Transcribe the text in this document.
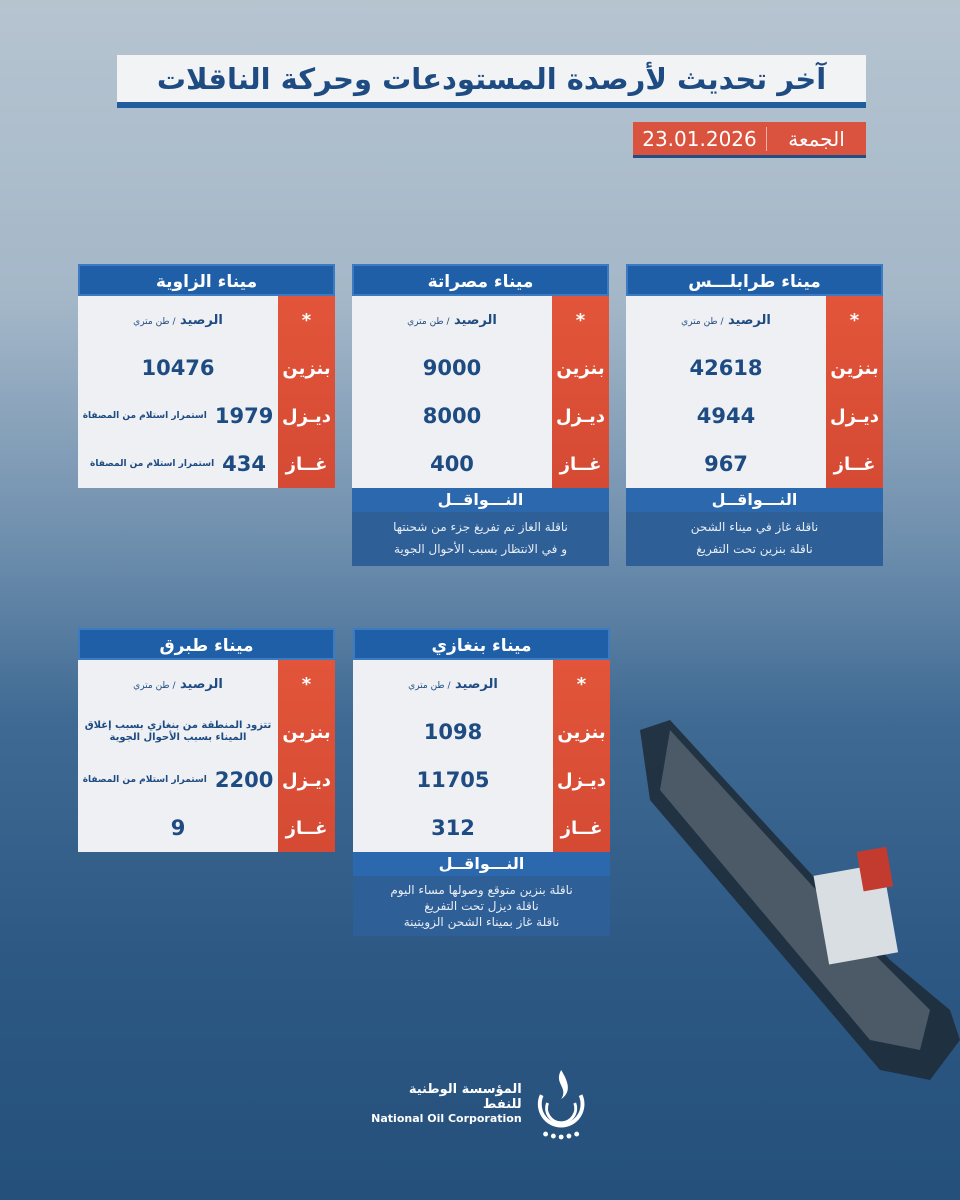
آخر تحديث لأرصدة المستودعات وحركة الناقلات
الجمعة
23.01.2026
ميناء طرابلـــس
*
بنزين
ديـزل
غــاز
الرصيد / طن متري
42618
4944
967
النـــواقــل
ناقلة غاز في ميناء الشحن
ناقلة بنزين تحت التفريغ
ميناء مصراتة
*
بنزين
ديـزل
غــاز
الرصيد / طن متري
9000
8000
400
النـــواقــل
ناقلة الغاز تم تفريغ جزء من شحنتها
و في الانتظار بسبب الأحوال الجوية
ميناء الزاوية
*
بنزين
ديـزل
غــاز
الرصيد / طن متري
10476
1979
استمرار استلام من المصفاة
434
استمرار استلام من المصفاة
ميناء بنغازي
*
بنزين
ديـزل
غــاز
الرصيد / طن متري
1098
11705
312
النـــواقــل
ناقلة بنزين متوقع وصولها مساء اليوم
ناقلة ديزل تحت التفريغ
ناقلة غاز بميناء الشحن الزويتينة
ميناء طبرق
*
بنزين
ديـزل
غــاز
الرصيد / طن متري
تتزود المنطقة من بنغازي بسبب إغلاق الميناء بسبب الأحوال الجوية
2200
استمرار استلام من المصفاة
9
المؤسسة الوطنية للنفط
National Oil Corporation
